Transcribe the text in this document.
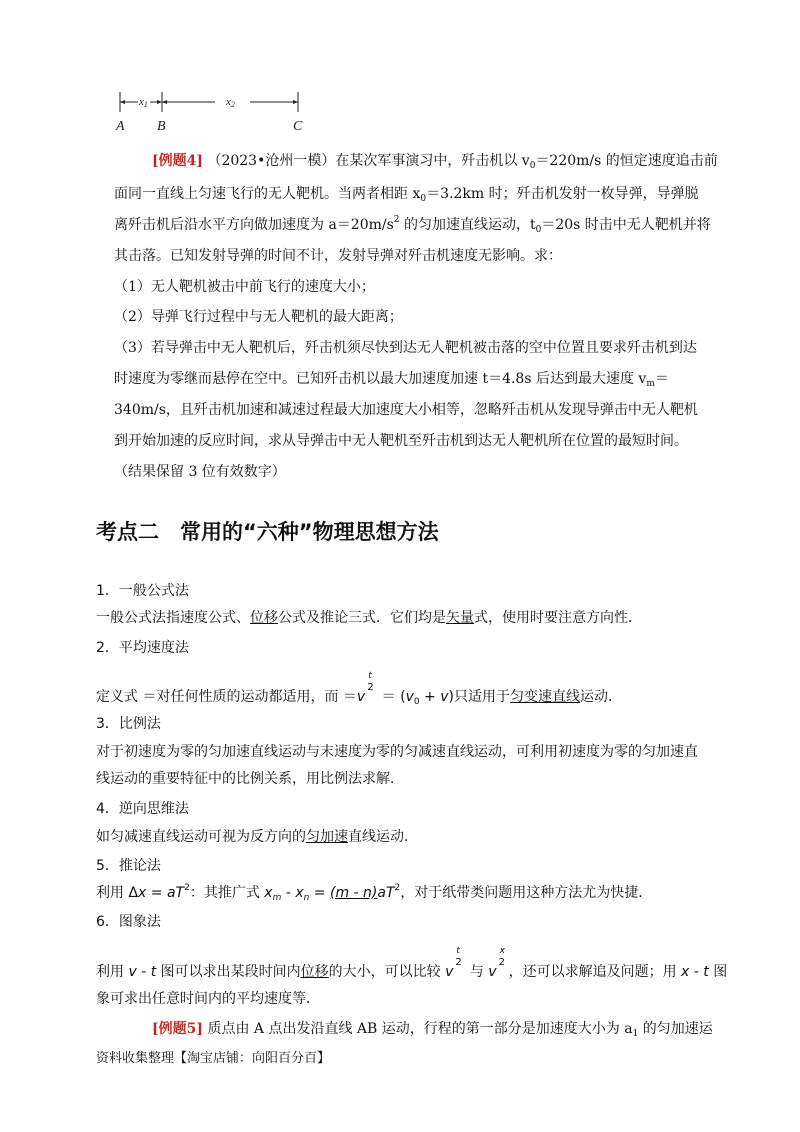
x1	x2
A B	C
[例题4] （2023•沧州一模）在某次军事演习中，歼击机以 $v_0=220m/s$ 的恒定速度追击前
面同一直线上匀速飞行的无人靶机。当两者相距 $x_0=3.2km$ 时；歼击机发射一枚导弹，导弹脱
离歼击机后沿水平方向做加速度为 $a=20m/s^2$ 的匀加速直线运动，$t_0=20s$ 时击中无人靶机并将
其击落。已知发射导弹的时间不计，发射导弹对歼击机速度无影响。求：
（1）无人靶机被击中前飞行的速度大小；
（2）导弹飞行过程中与无人靶机的最大距离；
（3）若导弹击中无人靶机后，歼击机须尽快到达无人靶机被击落的空中位置且要求歼击机到达
时速度为零继而悬停在空中。已知歼击机以最大加速度加速 t＝4.8s 后达到最大速度 $v_m=$
340m/s，且歼击机加速和减速过程最大加速度大小相等，忽略歼击机从发现导弹击中无人靶机
到开始加速的反应时间，求从导弹击中无人靶机至歼击机到达无人靶机所在位置的最短时间。
（结果保留 3 位有效数字）
考点二　常用的“六种”物理思想方法
1．一般公式法
一般公式法指速度公式、位移公式及推论三式．它们均是矢量式，使用时要注意方向性．
2．平均速度法
定义式 ＝对任何性质的运动都适用，而 ＝v
t
2
＝ $(v_0 + v)$只适用于匀变速直线运动．
3．比例法
对于初速度为零的匀加速直线运动与末速度为零的匀减速直线运动，可利用初速度为零的匀加速直
线运动的重要特征中的比例关系，用比例法求解．
4．逆向思维法
如匀减速直线运动可视为反方向的匀加速直线运动．
5．推论法
利用 $\Delta x = aT^2$：其推广式 $x_m - x_n = (m - n)aT^2$，对于纸带类问题用这种方法尤为快捷．
6．图象法
利用 v - t 图可以求出某段时间内位移的大小，可以比较 v
t
2
与 v
x
2
，还可以求解追及问题；用 x - t 图
象可求出任意时间内的平均速度等．
[例题5] 质点由 A 点出发沿直线 AB 运动，行程的第一部分是加速度大小为 $a_1$ 的匀加速运
资料收集整理【淘宝店铺：向阳百分百】
